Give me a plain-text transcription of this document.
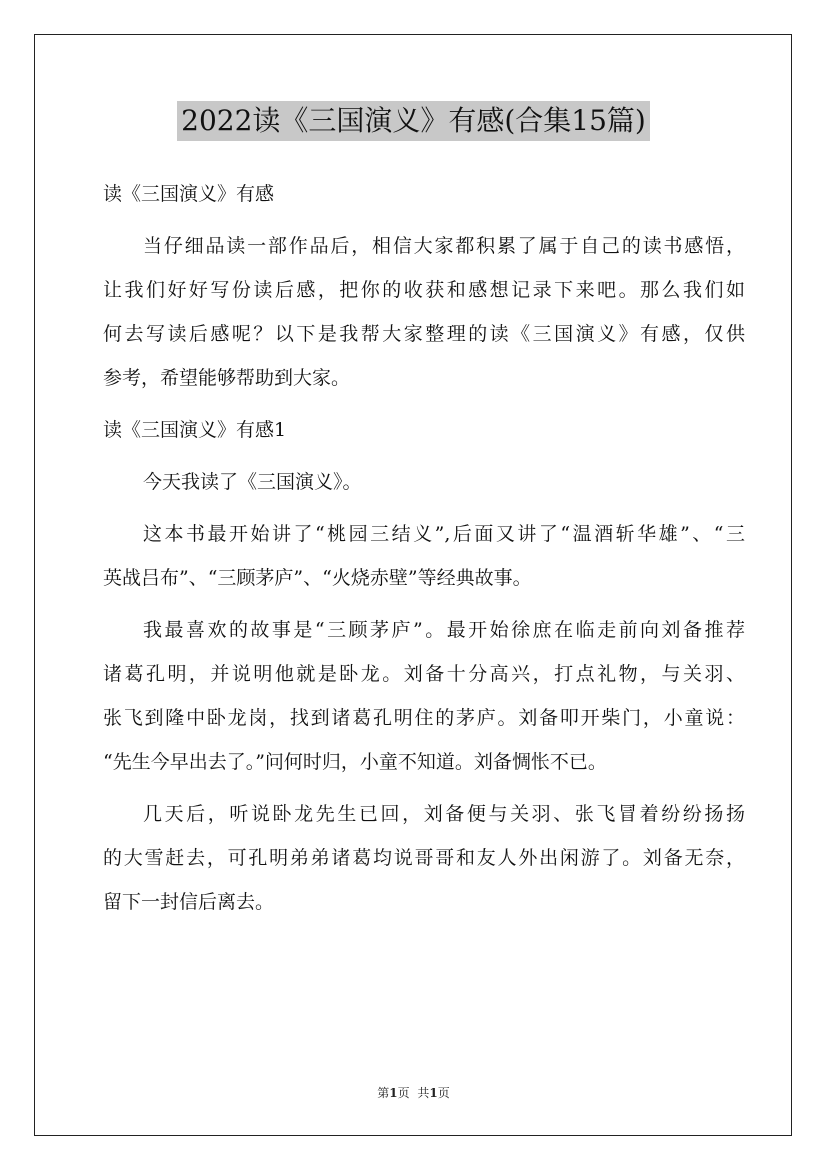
2022读《三国演义》有感(合集15篇)
读《三国演义》有感
当仔细品读一部作品后，相信大家都积累了属于自己的读书感悟，
让我们好好写份读后感，把你的收获和感想记录下来吧。那么我们如
何去写读后感呢？以下是我帮大家整理的读《三国演义》有感，仅供
参考，希望能够帮助到大家。
读《三国演义》有感1
今天我读了《三国演义》。
这本书最开始讲了“桃园三结义”,后面又讲了“温酒斩华雄”、“三
英战吕布”、“三顾茅庐”、“火烧赤壁”等经典故事。
我最喜欢的故事是“三顾茅庐”。最开始徐庶在临走前向刘备推荐
诸葛孔明，并说明他就是卧龙。刘备十分高兴，打点礼物，与关羽、
张飞到隆中卧龙岗，找到诸葛孔明住的茅庐。刘备叩开柴门，小童说：
“先生今早出去了。”问何时归，小童不知道。刘备惆怅不已。
几天后，听说卧龙先生已回，刘备便与关羽、张飞冒着纷纷扬扬
的大雪赶去，可孔明弟弟诸葛均说哥哥和友人外出闲游了。刘备无奈，
留下一封信后离去。
第1页 共1页
